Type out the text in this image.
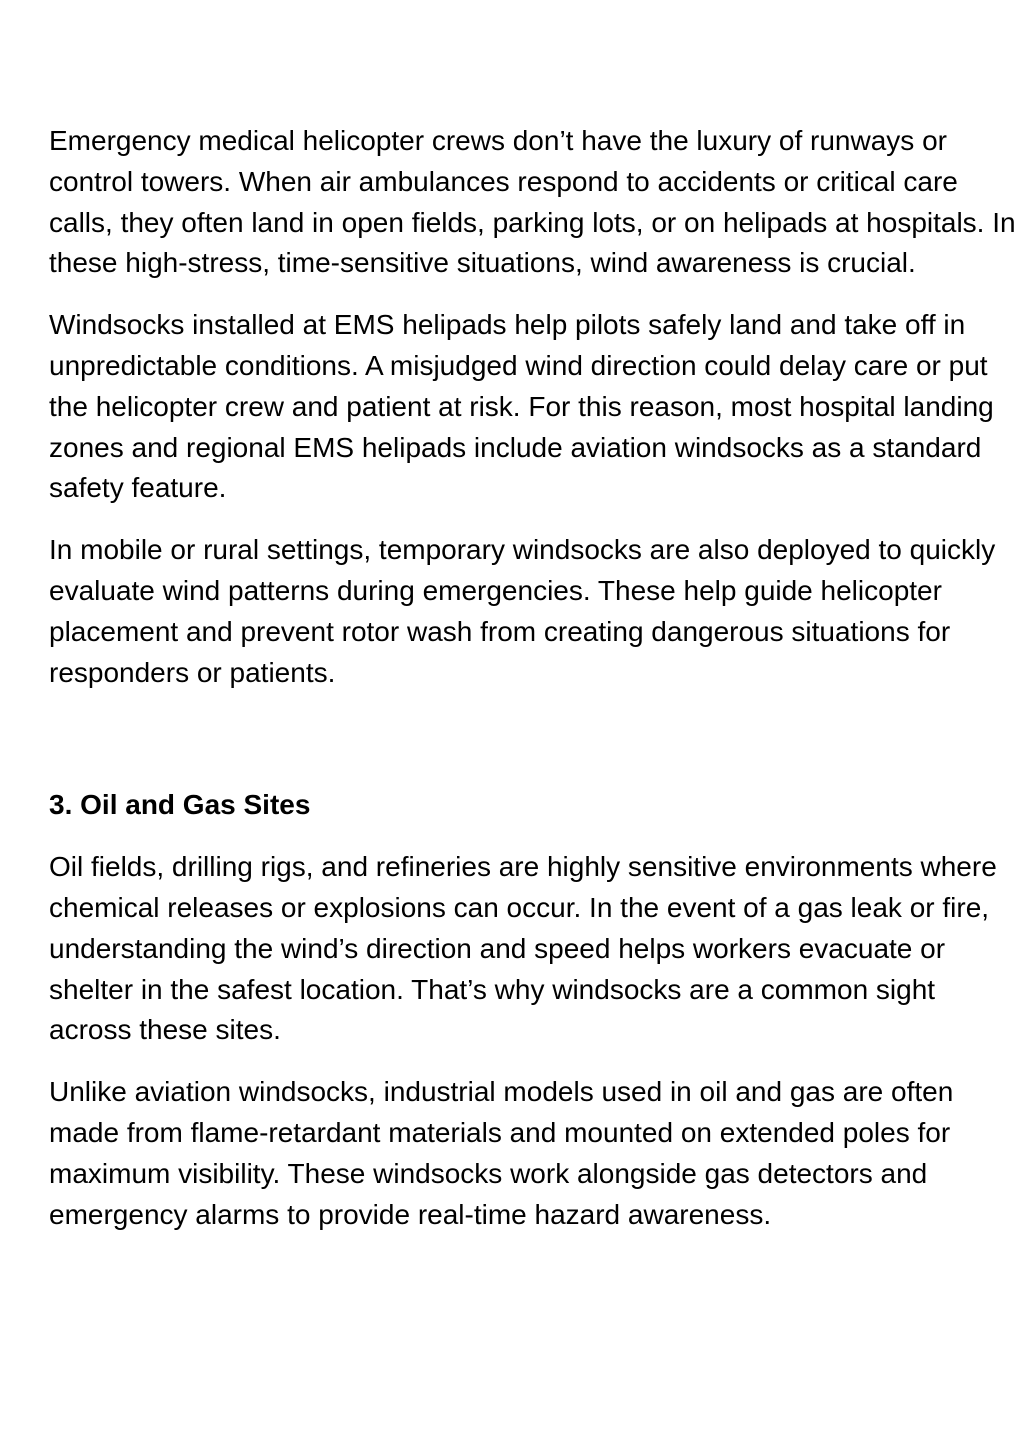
Emergency medical helicopter crews don’t have the luxury of runways or control towers. When air ambulances respond to accidents or critical care calls, they often land in open fields, parking lots, or on helipads at hospitals. In these high-stress, time-sensitive situations, wind awareness is crucial.

Windsocks installed at EMS helipads help pilots safely land and take off in unpredictable conditions. A misjudged wind direction could delay care or put the helicopter crew and patient at risk. For this reason, most hospital landing zones and regional EMS helipads include aviation windsocks as a standard safety feature.

In mobile or rural settings, temporary windsocks are also deployed to quickly evaluate wind patterns during emergencies. These help guide helicopter placement and prevent rotor wash from creating dangerous situations for responders or patients.

3. Oil and Gas Sites

Oil fields, drilling rigs, and refineries are highly sensitive environments where chemical releases or explosions can occur. In the event of a gas leak or fire, understanding the wind’s direction and speed helps workers evacuate or shelter in the safest location. That’s why windsocks are a common sight across these sites.

Unlike aviation windsocks, industrial models used in oil and gas are often made from flame-retardant materials and mounted on extended poles for maximum visibility. These windsocks work alongside gas detectors and emergency alarms to provide real-time hazard awareness.
